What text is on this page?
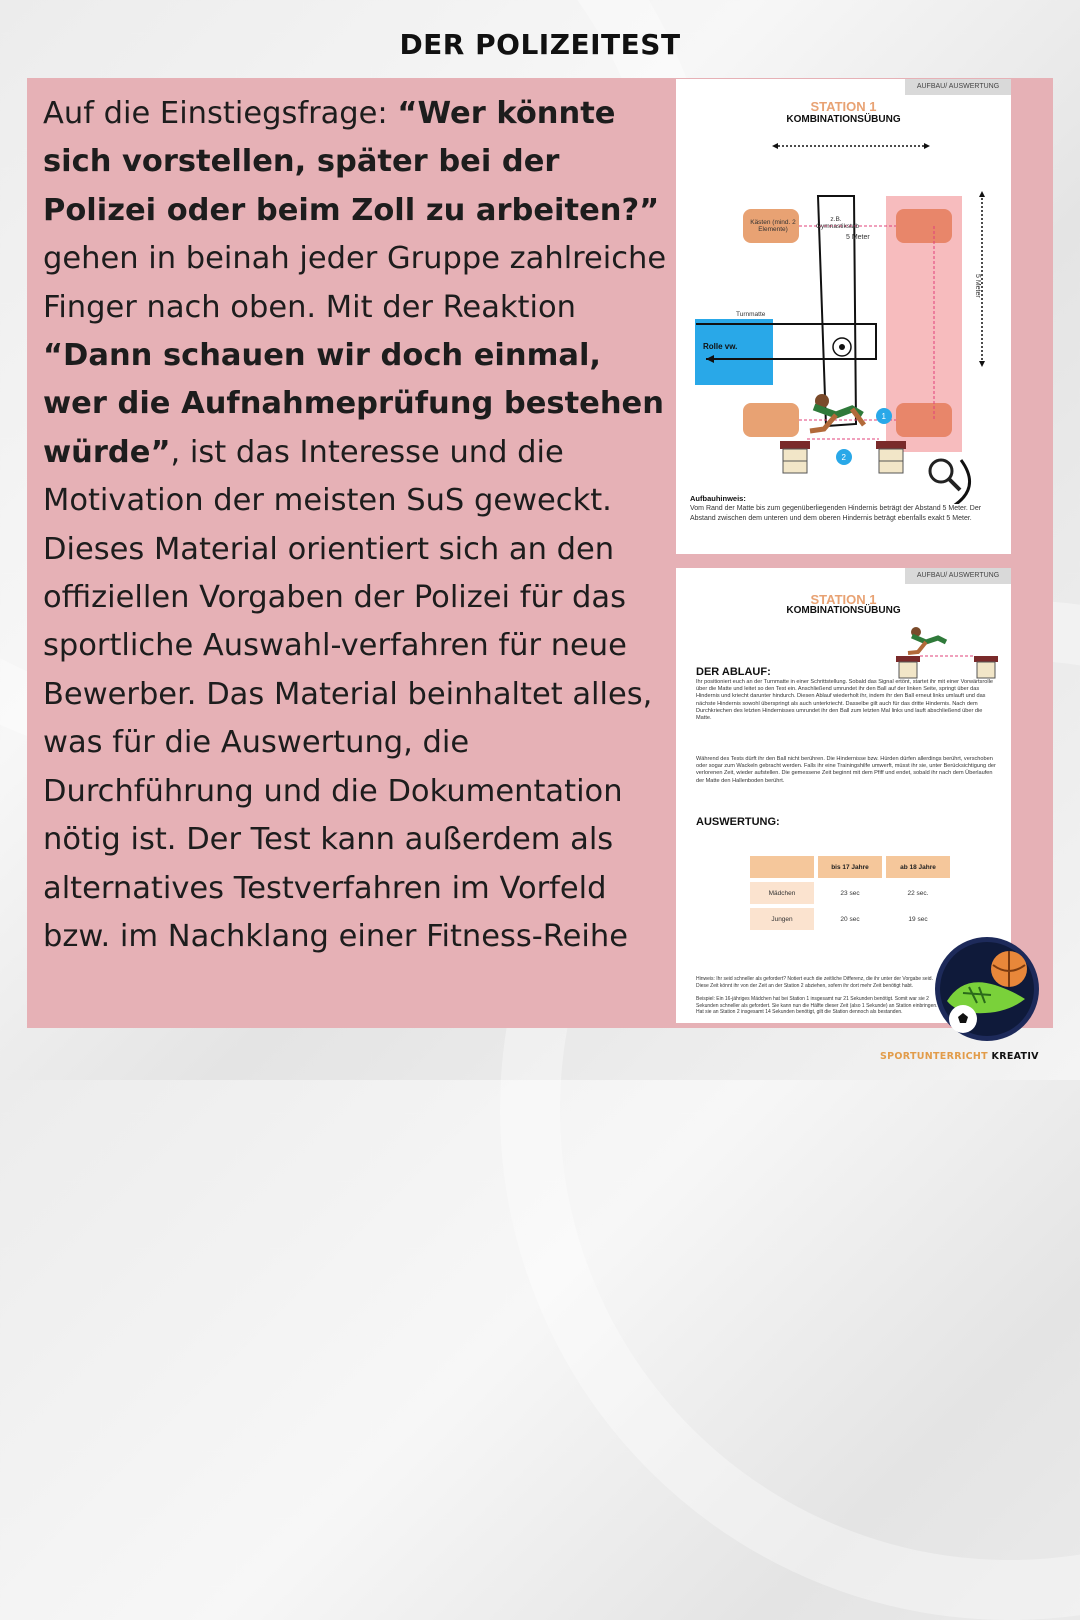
DER POLIZEITEST
Auf die Einstiegsfrage: “Wer könnte sich vorstellen, später bei der Polizei oder beim Zoll zu arbeiten?” gehen in beinah jeder Gruppe zahlreiche Finger nach oben. Mit der Reaktion “Dann schauen wir doch einmal, wer die Aufnahmeprüfung bestehen würde”, ist das Interesse und die Motivation der meisten SuS geweckt. Dieses Material orientiert sich an den offiziellen Vorgaben der Polizei für das sportliche Auswahl-verfahren für neue Bewerber. Das Material beinhaltet alles, was für die Auswertung, die Durchführung und die Dokumentation nötig ist. Der Test kann außerdem als alternatives Testverfahren im Vorfeld bzw. im Nachklang einer Fitness-Reihe
AUFBAU/ AUSWERTUNG
STATION 1
KOMBINATIONSÜBUNG
5 Meter
5 Meter
Kästen (mind. 2 Elemente)
z.B. Gymnastikstab
Turnmatte
Rolle vw.
1
2
Aufbauhinweis:
Vom Rand der Matte bis zum gegenüberliegenden Hindernis beträgt der Abstand 5 Meter. Der Abstand zwischen dem unteren und dem oberen Hindernis beträgt ebenfalls exakt 5 Meter.
AUFBAU/ AUSWERTUNG
STATION 1
KOMBINATIONSÜBUNG
DER ABLAUF:
Ihr positioniert euch an der Turnmatte in einer Schrittstellung. Sobald das Signal ertönt, startet ihr mit einer Vorwärtsrolle über die Matte und leitet so den Test ein. Anschließend umrundet ihr den Ball auf der linken Seite, springt über das Hindernis und kriecht darunter hindurch. Diesen Ablauf wiederholt ihr, indem ihr den Ball erneut links umlauft und das nächste Hindernis sowohl überspringt als auch unterkriecht. Dasselbe gilt auch für das dritte Hindernis. Nach dem Durchkriechen des letzten Hindernisses umrundet ihr den Ball zum letzten Mal links und lauft abschließend über die Matte.
Während des Tests dürft ihr den Ball nicht berühren. Die Hindernisse bzw. Hürden dürfen allerdings berührt, verschoben oder sogar zum Wackeln gebracht werden. Falls ihr eine Trainingshilfe umwerft, müsst ihr sie, unter Berücksichtigung der verlorenen Zeit, wieder aufstellen. Die gemessene Zeit beginnt mit dem Pfiff und endet, sobald ihr nach dem Überlaufen der Matte den Hallenboden berührt.
AUSWERTUNG:
	bis 17 Jahre	ab 18 Jahre
Mädchen	23 sec	22 sec.
Jungen	20 sec	19 sec
Hinweis: Ihr seid schneller als gefordert? Notiert euch die zeitliche Differenz, die ihr unter der Vorgabe seid. Diese Zeit könnt ihr von der Zeit an der Station 2 abziehen, sofern ihr dort mehr Zeit benötigt habt.
Beispiel: Ein 16-jähriges Mädchen hat bei Station 1 insgesamt nur 21 Sekunden benötigt. Somit war sie 2 Sekunden schneller als gefordert. Sie kann nun die Hälfte dieser Zeit (also 1 Sekunde) an Station einbringen. Hat sie an Station 2 insgesamt 14 Sekunden benötigt, gilt die Station dennoch als bestanden.
SPORTUNTERRICHT KREATIV
